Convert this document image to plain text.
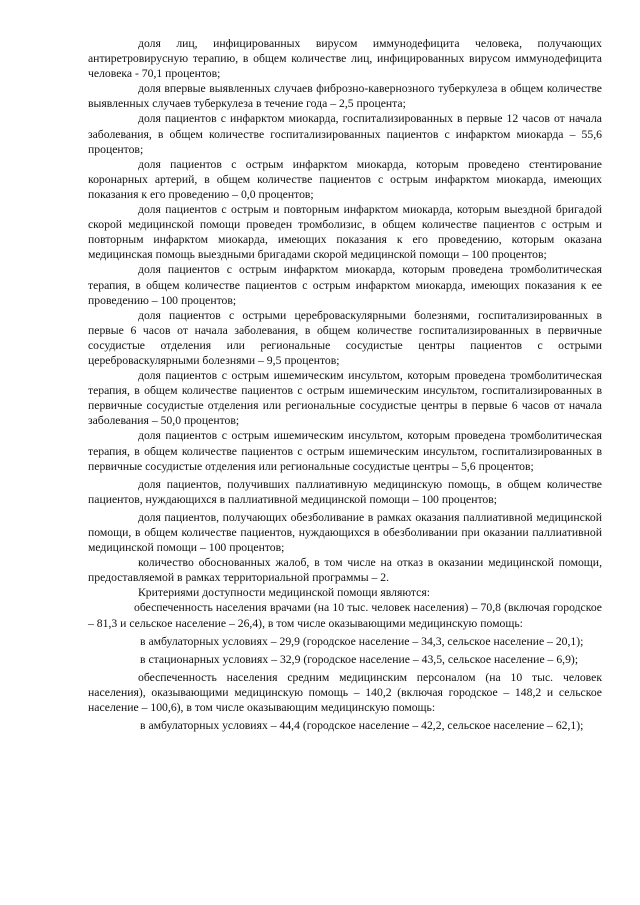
доля лиц, инфицированных вирусом иммунодефицита человека, получающих антиретровирусную терапию, в общем количестве лиц, инфицированных вирусом иммунодефицита человека - 70,1 процентов;

доля впервые выявленных случаев фиброзно-кавернозного туберкулеза в общем количестве выявленных случаев туберкулеза в течение года – 2,5 процента;

доля пациентов с инфарктом миокарда, госпитализированных в первые 12 часов от начала заболевания, в общем количестве госпитализированных пациентов с инфарктом миокарда – 55,6 процентов;

доля пациентов с острым инфарктом миокарда, которым проведено стентирование коронарных артерий, в общем количестве пациентов с острым инфарктом миокарда, имеющих показания к его проведению – 0,0 процентов;

доля пациентов с острым и повторным инфарктом миокарда, которым выездной бригадой скорой медицинской помощи проведен тромболизис, в общем количестве пациентов с острым и повторным инфарктом миокарда, имеющих показания к его проведению, которым оказана медицинская помощь выездными бригадами скорой медицинской помощи – 100 процентов;

доля пациентов с острым инфарктом миокарда, которым проведена тромболитическая терапия, в общем количестве пациентов с острым инфарктом миокарда, имеющих показания к ее проведению – 100 процентов;

доля пациентов с острыми цереброваскулярными болезнями, госпитализированных в первые 6 часов от начала заболевания, в общем количестве госпитализированных в первичные сосудистые отделения или региональные сосудистые центры пациентов с острыми цереброваскулярными болезнями – 9,5 процентов;

доля пациентов с острым ишемическим инсультом, которым проведена тромболитическая терапия, в общем количестве пациентов с острым ишемическим инсультом, госпитализированных в первичные сосудистые отделения или региональные сосудистые центры в первые 6 часов от начала заболевания – 50,0 процентов;

доля пациентов с острым ишемическим инсультом, которым проведена тромболитическая терапия, в общем количестве пациентов с острым ишемическим инсультом, госпитализированных в первичные сосудистые отделения или региональные сосудистые центры – 5,6 процентов;

доля пациентов, получивших паллиативную медицинскую помощь, в общем количестве пациентов, нуждающихся в паллиативной медицинской помощи – 100 процентов;

доля пациентов, получающих обезболивание в рамках оказания паллиативной медицинской помощи, в общем количестве пациентов, нуждающихся в обезболивании при оказании паллиативной медицинской помощи – 100 процентов;

количество обоснованных жалоб, в том числе на отказ в оказании медицинской помощи, предоставляемой в рамках территориальной программы – 2.

Критериями доступности медицинской помощи являются:

обеспеченность населения врачами (на 10 тыс. человек населения) – 70,8 (включая городское – 81,3 и сельское население – 26,4), в том числе оказывающими медицинскую помощь:

в амбулаторных условиях – 29,9 (городское население – 34,3, сельское население – 20,1);

в стационарных условиях – 32,9 (городское население – 43,5, сельское население – 6,9);

обеспеченность населения средним медицинским персоналом (на 10 тыс. человек населения), оказывающими медицинскую помощь – 140,2 (включая городское – 148,2 и сельское население – 100,6), в том числе оказывающим медицинскую помощь:

в амбулаторных условиях – 44,4 (городское население – 42,2, сельское население – 62,1);
